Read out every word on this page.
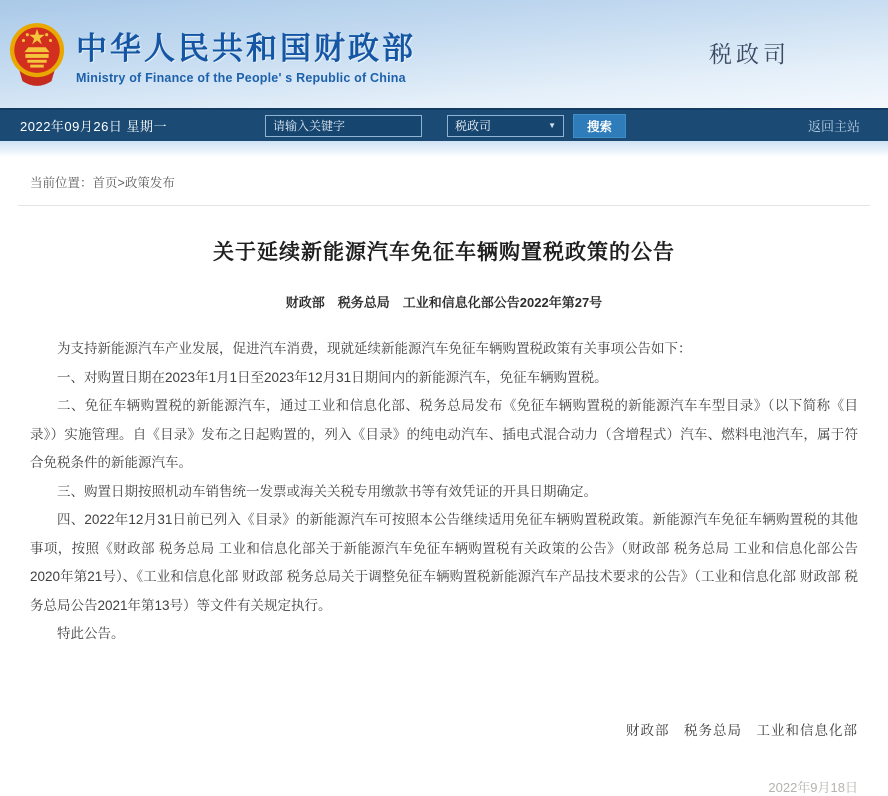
中华人民共和国财政部
Ministry of Finance of the People' s Republic of China
税政司
2022年09月26日 星期一
请输入关键字	税政司	▼	搜索	返回主站
当前位置：首页>政策发布
关于延续新能源汽车免征车辆购置税政策的公告
财政部　税务总局　工业和信息化部公告2022年第27号

为支持新能源汽车产业发展，促进汽车消费，现就延续新能源汽车免征车辆购置税政策有关事项公告如下：

一、对购置日期在2023年1月1日至2023年12月31日期间内的新能源汽车，免征车辆购置税。

二、免征车辆购置税的新能源汽车，通过工业和信息化部、税务总局发布《免征车辆购置税的新能源汽车车型目录》（以下简称《目录》）实施管理。自《目录》发布之日起购置的，列入《目录》的纯电动汽车、插电式混合动力（含增程式）汽车、燃料电池汽车，属于符合免税条件的新能源汽车。

三、购置日期按照机动车销售统一发票或海关关税专用缴款书等有效凭证的开具日期确定。

四、2022年12月31日前已列入《目录》的新能源汽车可按照本公告继续适用免征车辆购置税政策。新能源汽车免征车辆购置税的其他事项，按照《财政部 税务总局 工业和信息化部关于新能源汽车免征车辆购置税有关政策的公告》（财政部 税务总局 工业和信息化部公告2020年第21号）、《工业和信息化部 财政部 税务总局关于调整免征车辆购置税新能源汽车产品技术要求的公告》（工业和信息化部 财政部 税务总局公告2021年第13号）等文件有关规定执行。

特此公告。

财政部　税务总局　工业和信息化部
2022年9月18日
